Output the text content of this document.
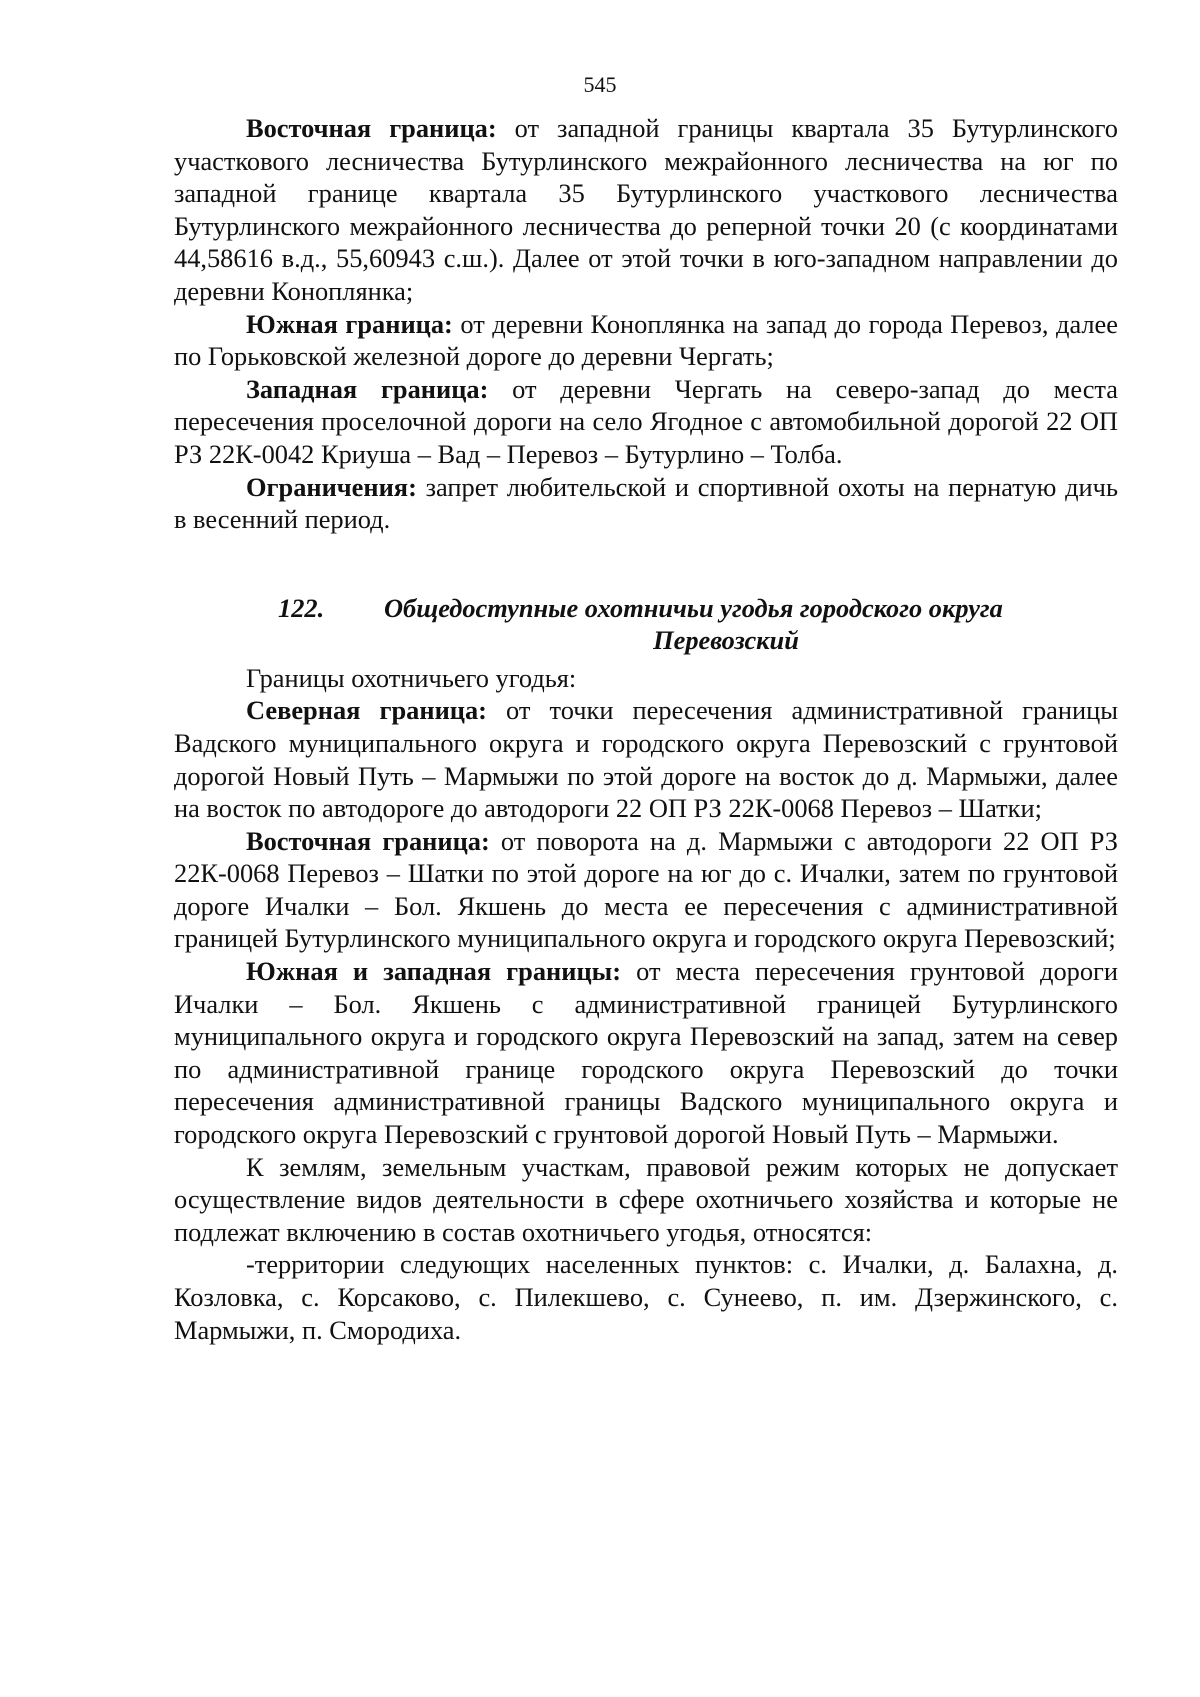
545

Восточная граница: от западной границы квартала 35 Бутурлинского участкового лесничества Бутурлинского межрайонного лесничества на юг по западной границе квартала 35 Бутурлинского участкового лесничества Бутурлинского межрайонного лесничества до реперной точки 20 (с координатами 44,58616 в.д., 55,60943 с.ш.). Далее от этой точки в юго-западном направлении до деревни Коноплянка;

Южная граница: от деревни Коноплянка на запад до города Перевоз, далее по Горьковской железной дороге до деревни Чергать;

Западная граница: от деревни Чергать на северо-запад до места пересечения проселочной дороги на село Ягодное с автомобильной дорогой 22 ОП РЗ 22К-0042 Криуша – Вад – Перевоз – Бутурлино – Толба.

Ограничения: запрет любительской и спортивной охоты на пернатую дичь в весенний период.

122. Общедоступные охотничьи угодья городского округа
Перевозский

Границы охотничьего угодья:

Северная граница: от точки пересечения административной границы Вадского муниципального округа и городского округа Перевозский с грунтовой дорогой Новый Путь – Мармыжи по этой дороге на восток до д. Мармыжи, далее на восток по автодороге до автодороги 22 ОП РЗ 22К-0068 Перевоз – Шатки;

Восточная граница: от поворота на д. Мармыжи с автодороги 22 ОП РЗ 22К-0068 Перевоз – Шатки по этой дороге на юг до с. Ичалки, затем по грунтовой дороге Ичалки – Бол. Якшень до места ее пересечения с административной границей Бутурлинского муниципального округа и городского округа Перевозский;

Южная и западная границы: от места пересечения грунтовой дороги Ичалки – Бол. Якшень с административной границей Бутурлинского муниципального округа и городского округа Перевозский на запад, затем на север по административной границе городского округа Перевозский до точки пересечения административной границы Вадского муниципального округа и городского округа Перевозский с грунтовой дорогой Новый Путь – Мармыжи.

К землям, земельным участкам, правовой режим которых не допускает осуществление видов деятельности в сфере охотничьего хозяйства и которые не подлежат включению в состав охотничьего угодья, относятся:

-территории следующих населенных пунктов: с. Ичалки, д. Балахна, д. Козловка, с. Корсаково, с. Пилекшево, с. Сунеево, п. им. Дзержинского, с. Мармыжи, п. Смородиха.
